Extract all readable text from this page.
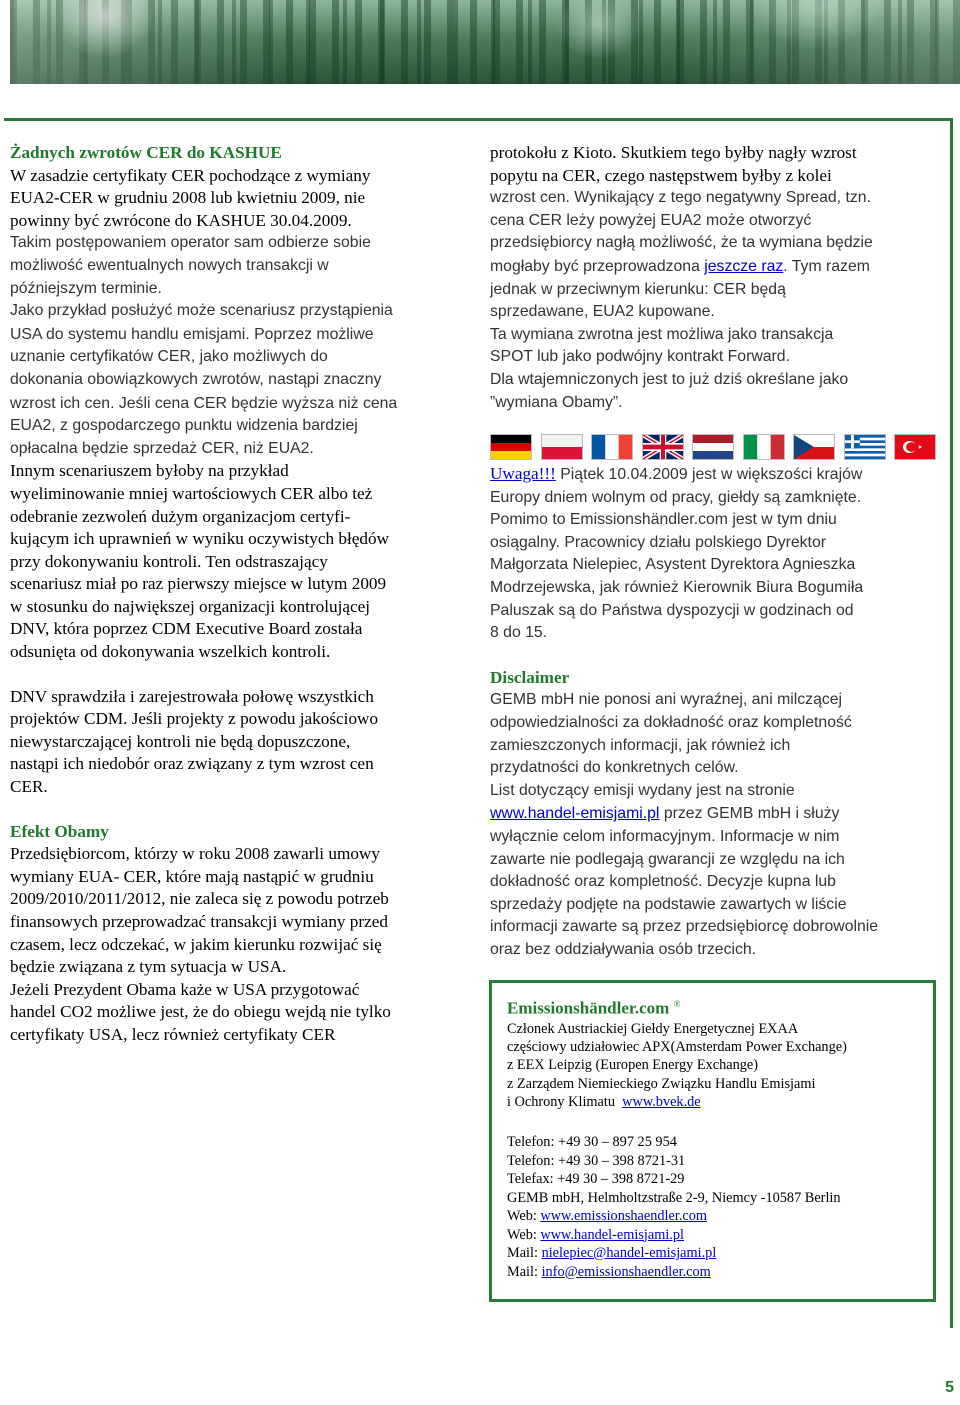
Żadnych zwrotów CER do KASHUE

W zasadzie certyfikaty CER pochodzące z wymiany

EUA2-CER w grudniu 2008 lub kwietniu 2009, nie

powinny być zwrócone do KASHUE 30.04.2009.

Takim postępowaniem operator sam odbierze sobie

możliwość ewentualnych nowych transakcji w

późniejszym terminie.

Jako przykład posłużyć może scenariusz przystąpienia

USA do systemu handlu emisjami. Poprzez możliwe

uznanie certyfikatów CER, jako możliwych do

dokonania obowiązkowych zwrotów, nastąpi znaczny

wzrost ich cen. Jeśli cena CER będzie wyższa niż cena

EUA2, z gospodarczego punktu widzenia bardziej

opłacalna będzie sprzedaż CER, niż EUA2.

Innym scenariuszem byłoby na przykład

wyeliminowanie mniej wartościowych CER albo też

odebranie zezwoleń dużym organizacjom certyfi-

kującym ich uprawnień w wyniku oczywistych błędów

przy dokonywaniu kontroli. Ten odstraszający

scenariusz miał po raz pierwszy miejsce w lutym 2009

w stosunku do największej organizacji kontrolującej

DNV, która poprzez CDM Executive Board została

odsunięta od dokonywania wszelkich kontroli.

DNV sprawdziła i zarejestrowała połowę wszystkich

projektów CDM. Jeśli projekty z powodu jakościowo

niewystarczającej kontroli nie będą dopuszczone,

nastąpi ich niedobór oraz związany z tym wzrost cen

CER.

Efekt Obamy

Przedsiębiorcom, którzy w roku 2008 zawarli umowy

wymiany EUA- CER, które mają nastąpić w grudniu

2009/2010/2011/2012, nie zaleca się z powodu potrzeb

finansowych przeprowadzać transakcji wymiany przed

czasem, lecz odczekać, w jakim kierunku rozwijać się

będzie związana z tym sytuacja w USA.

Jeżeli Prezydent Obama każe w USA przygotować

handel CO2 możliwe jest, że do obiegu wejdą nie tylko

certyfikaty USA, lecz również certyfikaty CER

protokołu z Kioto. Skutkiem tego byłby nagły wzrost

popytu na CER, czego następstwem byłby z kolei

wzrost cen. Wynikający z tego negatywny Spread, tzn.

cena CER leży powyżej EUA2 może otworzyć

przedsiębiorcy nagłą możliwość, że ta wymiana będzie

mogłaby być przeprowadzona jeszcze raz. Tym razem

jednak w przeciwnym kierunku: CER będą

sprzedawane, EUA2 kupowane.

Ta wymiana zwrotna jest możliwa jako transakcja

SPOT lub jako podwójny kontrakt Forward.

Dla wtajemniczonych jest to już dziś określane jako

”wymiana Obamy”.

Uwaga!!! Piątek 10.04.2009 jest w większości krajów

Europy dniem wolnym od pracy, giełdy są zamknięte.

Pomimo to Emissionshändler.com jest w tym dniu

osiągalny. Pracownicy działu polskiego Dyrektor

Małgorzata Nielepiec, Asystent Dyrektora Agnieszka

Modrzejewska, jak również Kierownik Biura Bogumiła

Paluszak są do Państwa dyspozycji w godzinach od

8 do 15.

Disclaimer

GEMB mbH nie ponosi ani wyraźnej, ani milczącej

odpowiedzialności za dokładność oraz kompletność

zamieszczonych informacji, jak również ich

przydatności do konkretnych celów.

List dotyczący emisji wydany jest na stronie

www.handel-emisjami.pl przez GEMB mbH i służy

wyłącznie celom informacyjnym. Informacje w nim

zawarte nie podlegają gwarancji ze względu na ich

dokładność oraz kompletność. Decyzje kupna lub

sprzedaży podjęte na podstawie zawartych w liście

informacji zawarte są przez przedsiębiorcę dobrowolnie

oraz bez oddziaływania osób trzecich.

Emissionshändler.com ®
Członek Austriackiej Giełdy Energetycznej EXAA
częściowy udziałowiec APX(Amsterdam Power Exchange)
z EEX Leipzig (Europen Energy Exchange)
z Zarządem Niemieckiego Związku Handlu Emisjami
i Ochrony Klimatu www.bvek.de
Telefon: +49 30 – 897 25 954
Telefon: +49 30 – 398 8721-31
Telefax: +49 30 – 398 8721-29
GEMB mbH, Helmholtzstraße 2-9, Niemcy -10587 Berlin
Web: www.emissionshaendler.com
Web: www.handel-emisjami.pl
Mail: nielepiec@handel-emisjami.pl
Mail: info@emissionshaendler.com
5
